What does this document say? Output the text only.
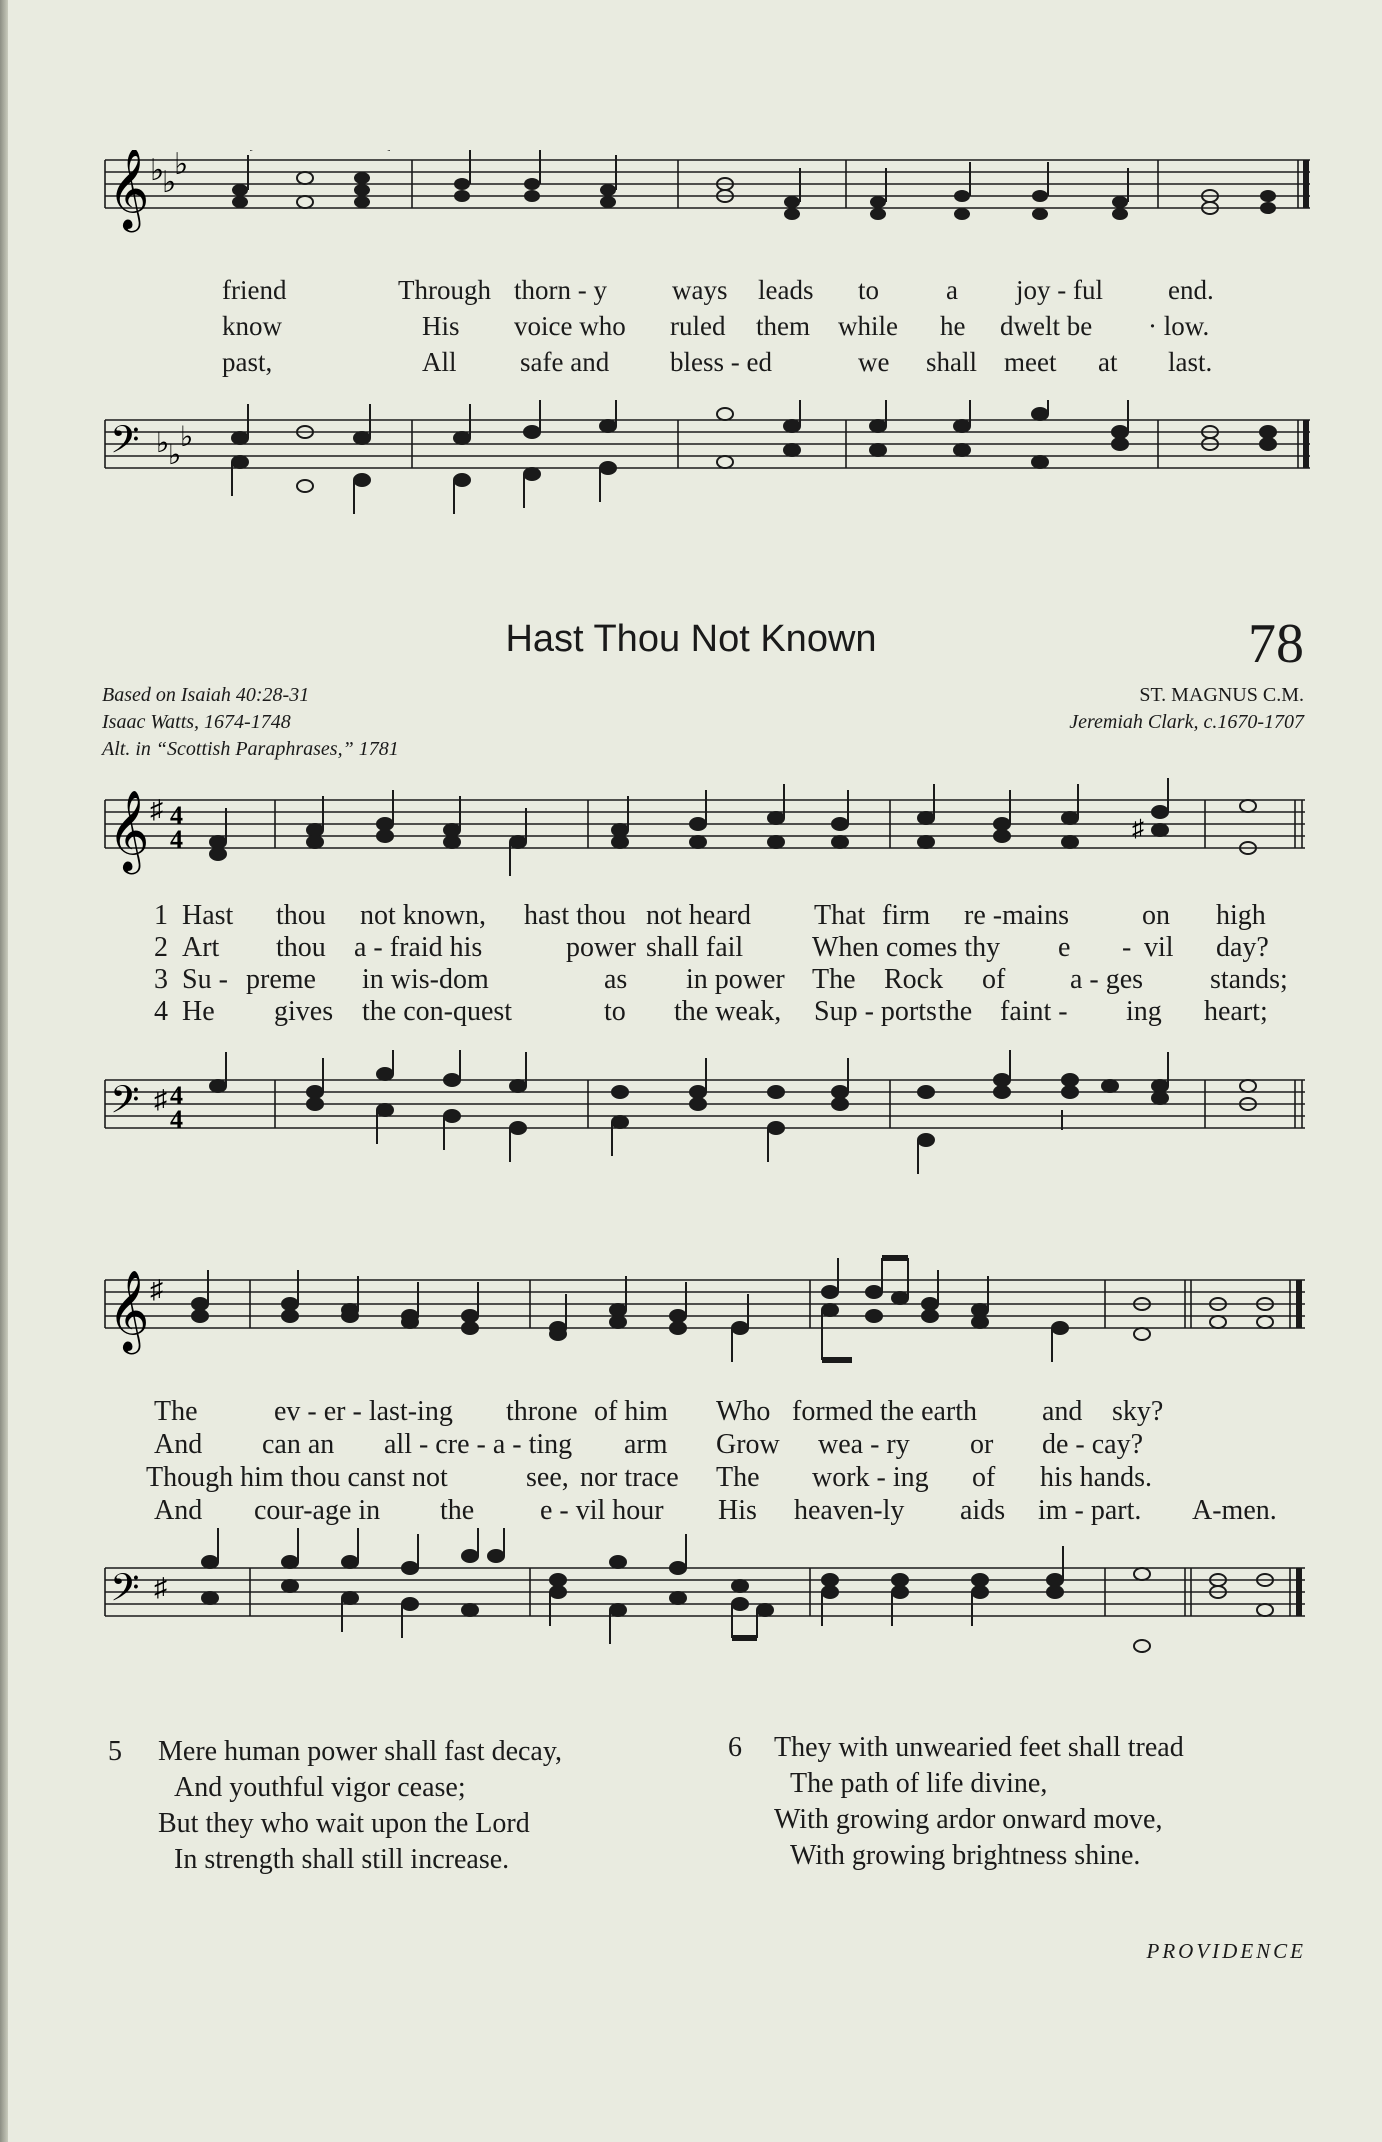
𝄞 ♭
♭
♭

friend	Through

thorn - y ways

leads to

a joy - ful

end.

know	His

voice who ruled

them while

he dwelt be

· low.

past,	All

safe and bless - ed

	we shall

meet at

last.

𝄢 ♭
♭
♭
Hast Thou Not Known	78
Based on Isaiah 40:28-31
Isaac Watts, 1674-1748
Alt. in “Scottish Paraphrases,” 1781
ST. MAGNUS C.M.
Jeremiah Clark, c.1670-1707
𝄞 ♯ 4
4	♯

1 Hast

thou not known,

hast thou not heard

That firm

re -mains	on

high

2 Art

thou a - fraid his

	power shall fail

When comes thy e

- vil

day?

3 Su -

preme in wis-dom

	as in power

The Rock

of a - ges

stands;

4 He

gives the con-quest

	to the weak,

Sup - ports the

faint - ing

heart;

𝄢 ♯ 4
4
𝄞 ♯

The	ev - er - last-ing

throne of him

Who formed the earth

and sky?

And can an

all - cre - a - ting arm

Grow wea - ry

or de - cay?

Though him thou canst not	see,

nor trace The

work - ing of

his hands.

And cour-age in

the e - vil hour

His heaven-ly

aids im - part.

A-men.

𝄢 ♯
5	Mere human power shall fast decay,
And youthful vigor cease;
But they who wait upon the Lord
In strength shall still increase.
6	They with unwearied feet shall tread
The path of life divine,
With growing ardor onward move,
With growing brightness shine.
PROVIDENCE
